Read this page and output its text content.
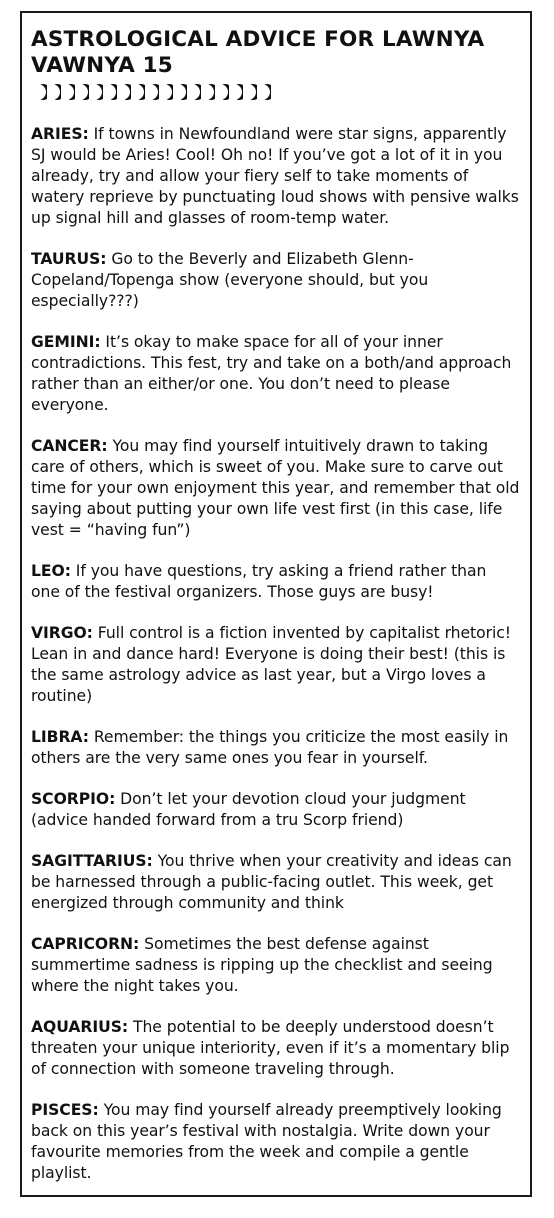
ASTROLOGICAL ADVICE FOR LAWNYA VAWNYA 15

ARIES: If towns in Newfoundland were star signs, apparently SJ would be Aries! Cool! Oh no! If you’ve got a lot of it in you already, try and allow your fiery self to take moments of watery reprieve by punctuating loud shows with pensive walks up signal hill and glasses of room-temp water.

TAURUS: Go to the Beverly and Elizabeth Glenn-Copeland/Topenga show (everyone should, but you especially???)

GEMINI: It’s okay to make space for all of your inner contradictions. This fest, try and take on a both/and approach rather than an either/or one. You don’t need to please everyone.

CANCER: You may find yourself intuitively drawn to taking care of others, which is sweet of you. Make sure to carve out time for your own enjoyment this year, and remember that old saying about putting your own life vest first (in this case, life vest = “having fun”)

LEO: If you have questions, try asking a friend rather than one of the festival organizers. Those guys are busy!

VIRGO: Full control is a fiction invented by capitalist rhetoric! Lean in and dance hard! Everyone is doing their best! (this is the same astrology advice as last year, but a Virgo loves a routine)

LIBRA: Remember: the things you criticize the most easily in others are the very same ones you fear in yourself.

SCORPIO: Don’t let your devotion cloud your judgment (advice handed forward from a tru Scorp friend)

SAGITTARIUS: You thrive when your creativity and ideas can be harnessed through a public-facing outlet. This week, get energized through community and think

CAPRICORN: Sometimes the best defense against summertime sadness is ripping up the checklist and seeing where the night takes you.

AQUARIUS: The potential to be deeply understood doesn’t threaten your unique interiority, even if it’s a momentary blip of connection with someone traveling through.

PISCES: You may find yourself already preemptively looking back on this year’s festival with nostalgia. Write down your favourite memories from the week and compile a gentle playlist.
